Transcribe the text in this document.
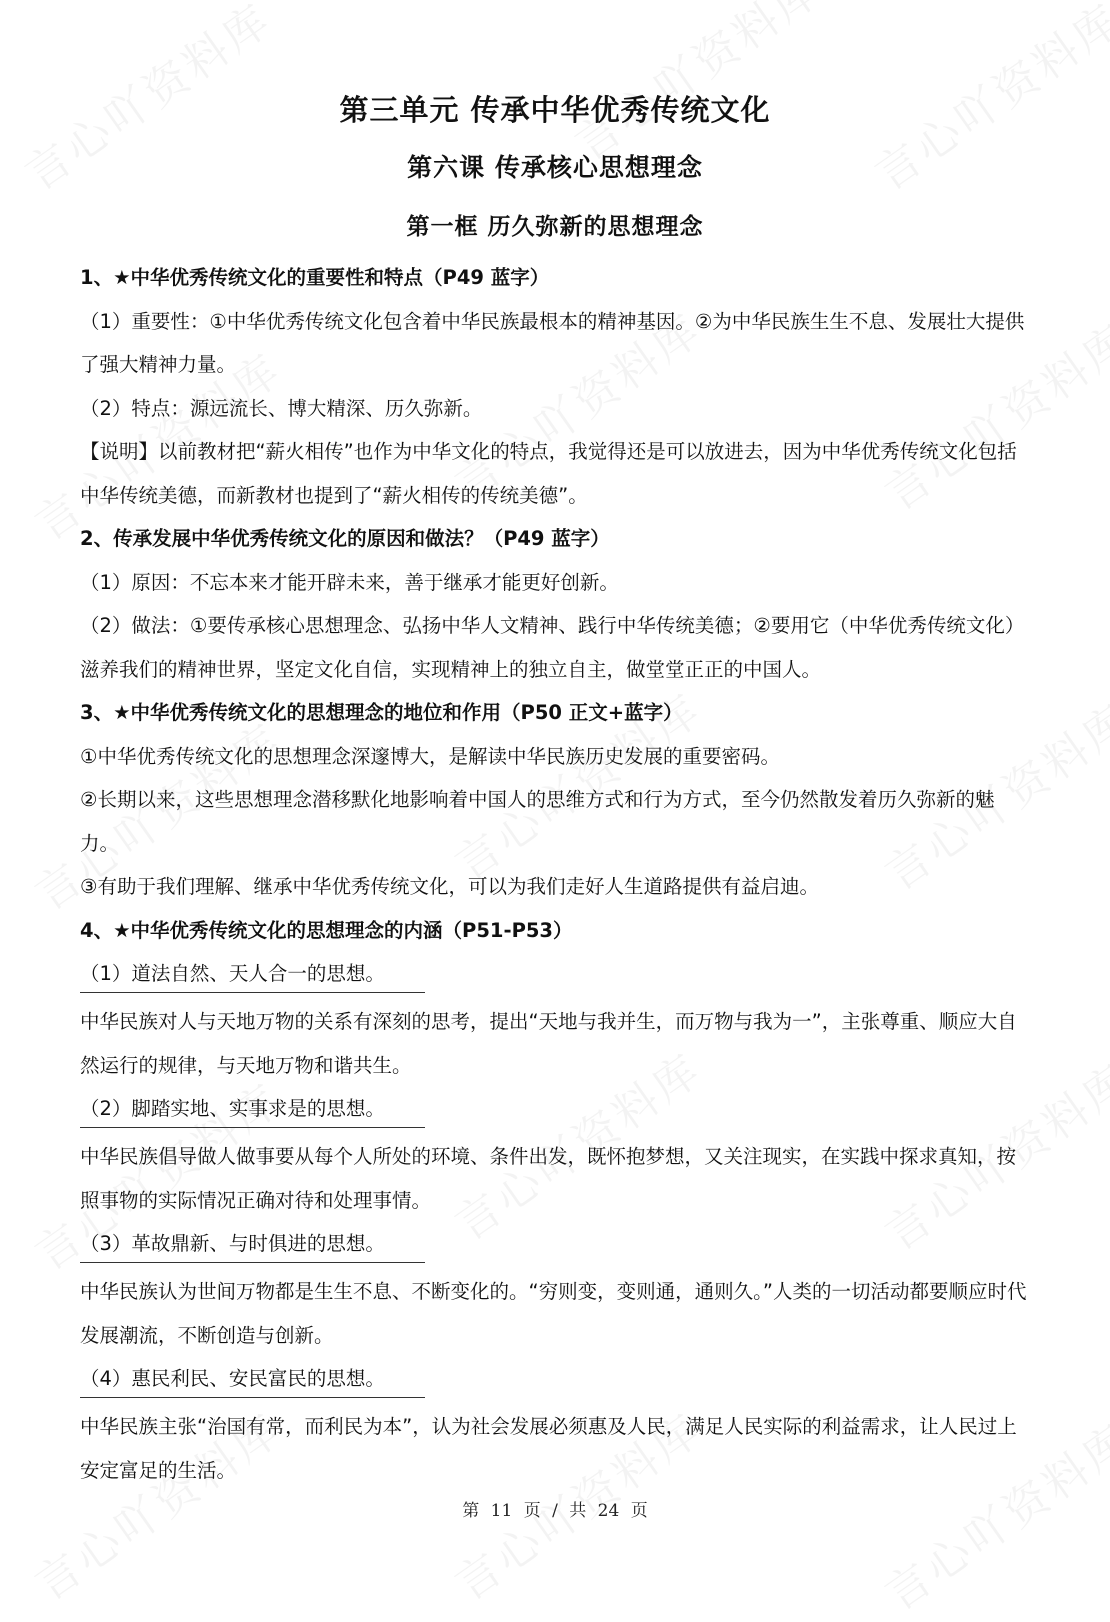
第三单元 传承中华优秀传统文化
第六课 传承核心思想理念
第一框 历久弥新的思想理念

1、★中华优秀传统文化的重要性和特点（P49 蓝字）

（1）重要性：①中华优秀传统文化包含着中华民族最根本的精神基因。②为中华民族生生不息、发展壮大提供了强大精神力量。

（2）特点：源远流长、博大精深、历久弥新。

【说明】以前教材把“薪火相传”也作为中华文化的特点，我觉得还是可以放进去，因为中华优秀传统文化包括中华传统美德，而新教材也提到了“薪火相传的传统美德”。

2、传承发展中华优秀传统文化的原因和做法？（P49 蓝字）

（1）原因：不忘本来才能开辟未来，善于继承才能更好创新。

（2）做法：①要传承核心思想理念、弘扬中华人文精神、践行中华传统美德；②要用它（中华优秀传统文化）滋养我们的精神世界，坚定文化自信，实现精神上的独立自主，做堂堂正正的中国人。

3、★中华优秀传统文化的思想理念的地位和作用（P50 正文+蓝字）

①中华优秀传统文化的思想理念深邃博大，是解读中华民族历史发展的重要密码。

②长期以来，这些思想理念潜移默化地影响着中国人的思维方式和行为方式，至今仍然散发着历久弥新的魅力。

③有助于我们理解、继承中华优秀传统文化，可以为我们走好人生道路提供有益启迪。

4、★中华优秀传统文化的思想理念的内涵（P51-P53）

（1）道法自然、天人合一的思想。

中华民族对人与天地万物的关系有深刻的思考，提出“天地与我并生，而万物与我为一”，主张尊重、顺应大自然运行的规律，与天地万物和谐共生。

（2）脚踏实地、实事求是的思想。

中华民族倡导做人做事要从每个人所处的环境、条件出发，既怀抱梦想，又关注现实，在实践中探求真知，按照事物的实际情况正确对待和处理事情。

（3）革故鼎新、与时俱进的思想。

中华民族认为世间万物都是生生不息、不断变化的。“穷则变，变则通，通则久。”人类的一切活动都要顺应时代发展潮流，不断创造与创新。

（4）惠民利民、安民富民的思想。

中华民族主张“治国有常，而利民为本”，认为社会发展必须惠及人民，满足人民实际的利益需求，让人民过上安定富足的生活。

第 11 页 / 共 24 页
